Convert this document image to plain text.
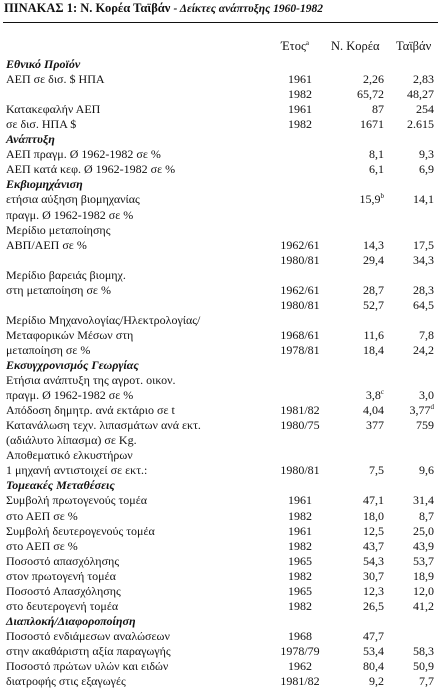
ΠΙΝΑΚΑΣ 1: Ν. Κορέα Ταϊβάν - Δείκτες ανάπτυξης 1960-1982
Έτος$^a$ Ν. Κορέα Ταϊβάν
Εθνικό Προϊόν
ΑΕΠ σε δισ. $ ΗΠΑ	1961	2,26	2,83
1982	65,72	48,27
Κατακεφαλήν ΑΕΠ	1961	87	254
σε δισ. ΗΠΑ $	1982	1671	2.615
Ανάπτυξη
ΑΕΠ πραγμ. Ø 1962-1982 σε %	8,1	9,3
ΑΕΠ κατά κεφ. Ø 1962-1982 σε %	6,1	6,9
Εκβιομηχάνιση
ετήσια αύξηση βιομηχανίας	15,9$^b$	14,1
πραγμ. Ø 1962-1982 σε %
Μερίδιο μεταποίησης
ΑΒΠ/ΑΕΠ σε %	1962/61	14,3	17,5
1980/81	29,4	34,3
Μερίδιο βαρειάς βιομηχ.
στη μεταποίηση σε %	1962/61	28,7	28,3
1980/81	52,7	64,5
Μερίδιο Μηχανολογίας/Ηλεκτρολογίας/
Μεταφορικών Μέσων στη	1968/61	11,6	7,8
μεταποίηση σε %	1978/81	18,4	24,2
Εκσυγχρονισμός Γεωργίας
Ετήσια ανάπτυξη της αγροτ. οικον.
πραγμ. Ø 1962-1982 σε %	3,8$^c$	3,0
Απόδοση δημητρ. ανά εκτάριο σε t	1981/82	4,04	3,77$^d$
Κατανάλωση τεχν. λιπασμάτων ανά εκτ.	1980/75	377	759
(αδιάλυτο λίπασμα) σε Kg.
Αποθεματικό ελκυστήρων
1 μηχανή αντιστοιχεί σε εκτ.:	1980/81	7,5	9,6
Τομεακές Μεταθέσεις
Συμβολή πρωτογενούς τομέα	1961	47,1	31,4
στο ΑΕΠ σε %	1982	18,0	8,7
Συμβολή δευτερογενούς τομέα	1961	12,5	25,0
στο ΑΕΠ σε %	1982	43,7	43,9
Ποσοστό απασχόλησης	1965	54,3	53,7
στον πρωτογενή τομέα	1982	30,7	18,9
Ποσοστό Απασχόλησης	1965	12,3	12,0
στο δευτερογενή τομέα	1982	26,5	41,2
Διαπλοκή/Διαφοροποίηση
Ποσοστό ενδιάμεσων αναλώσεων	1968	47,7
στην ακαθάριστη αξία παραγωγής	1978/79	53,4	58,3
Ποσοστό πρώτων υλών και ειδών	1962	80,4	50,9
διατροφής στις εξαγωγές	1981/82	9,2	7,7
